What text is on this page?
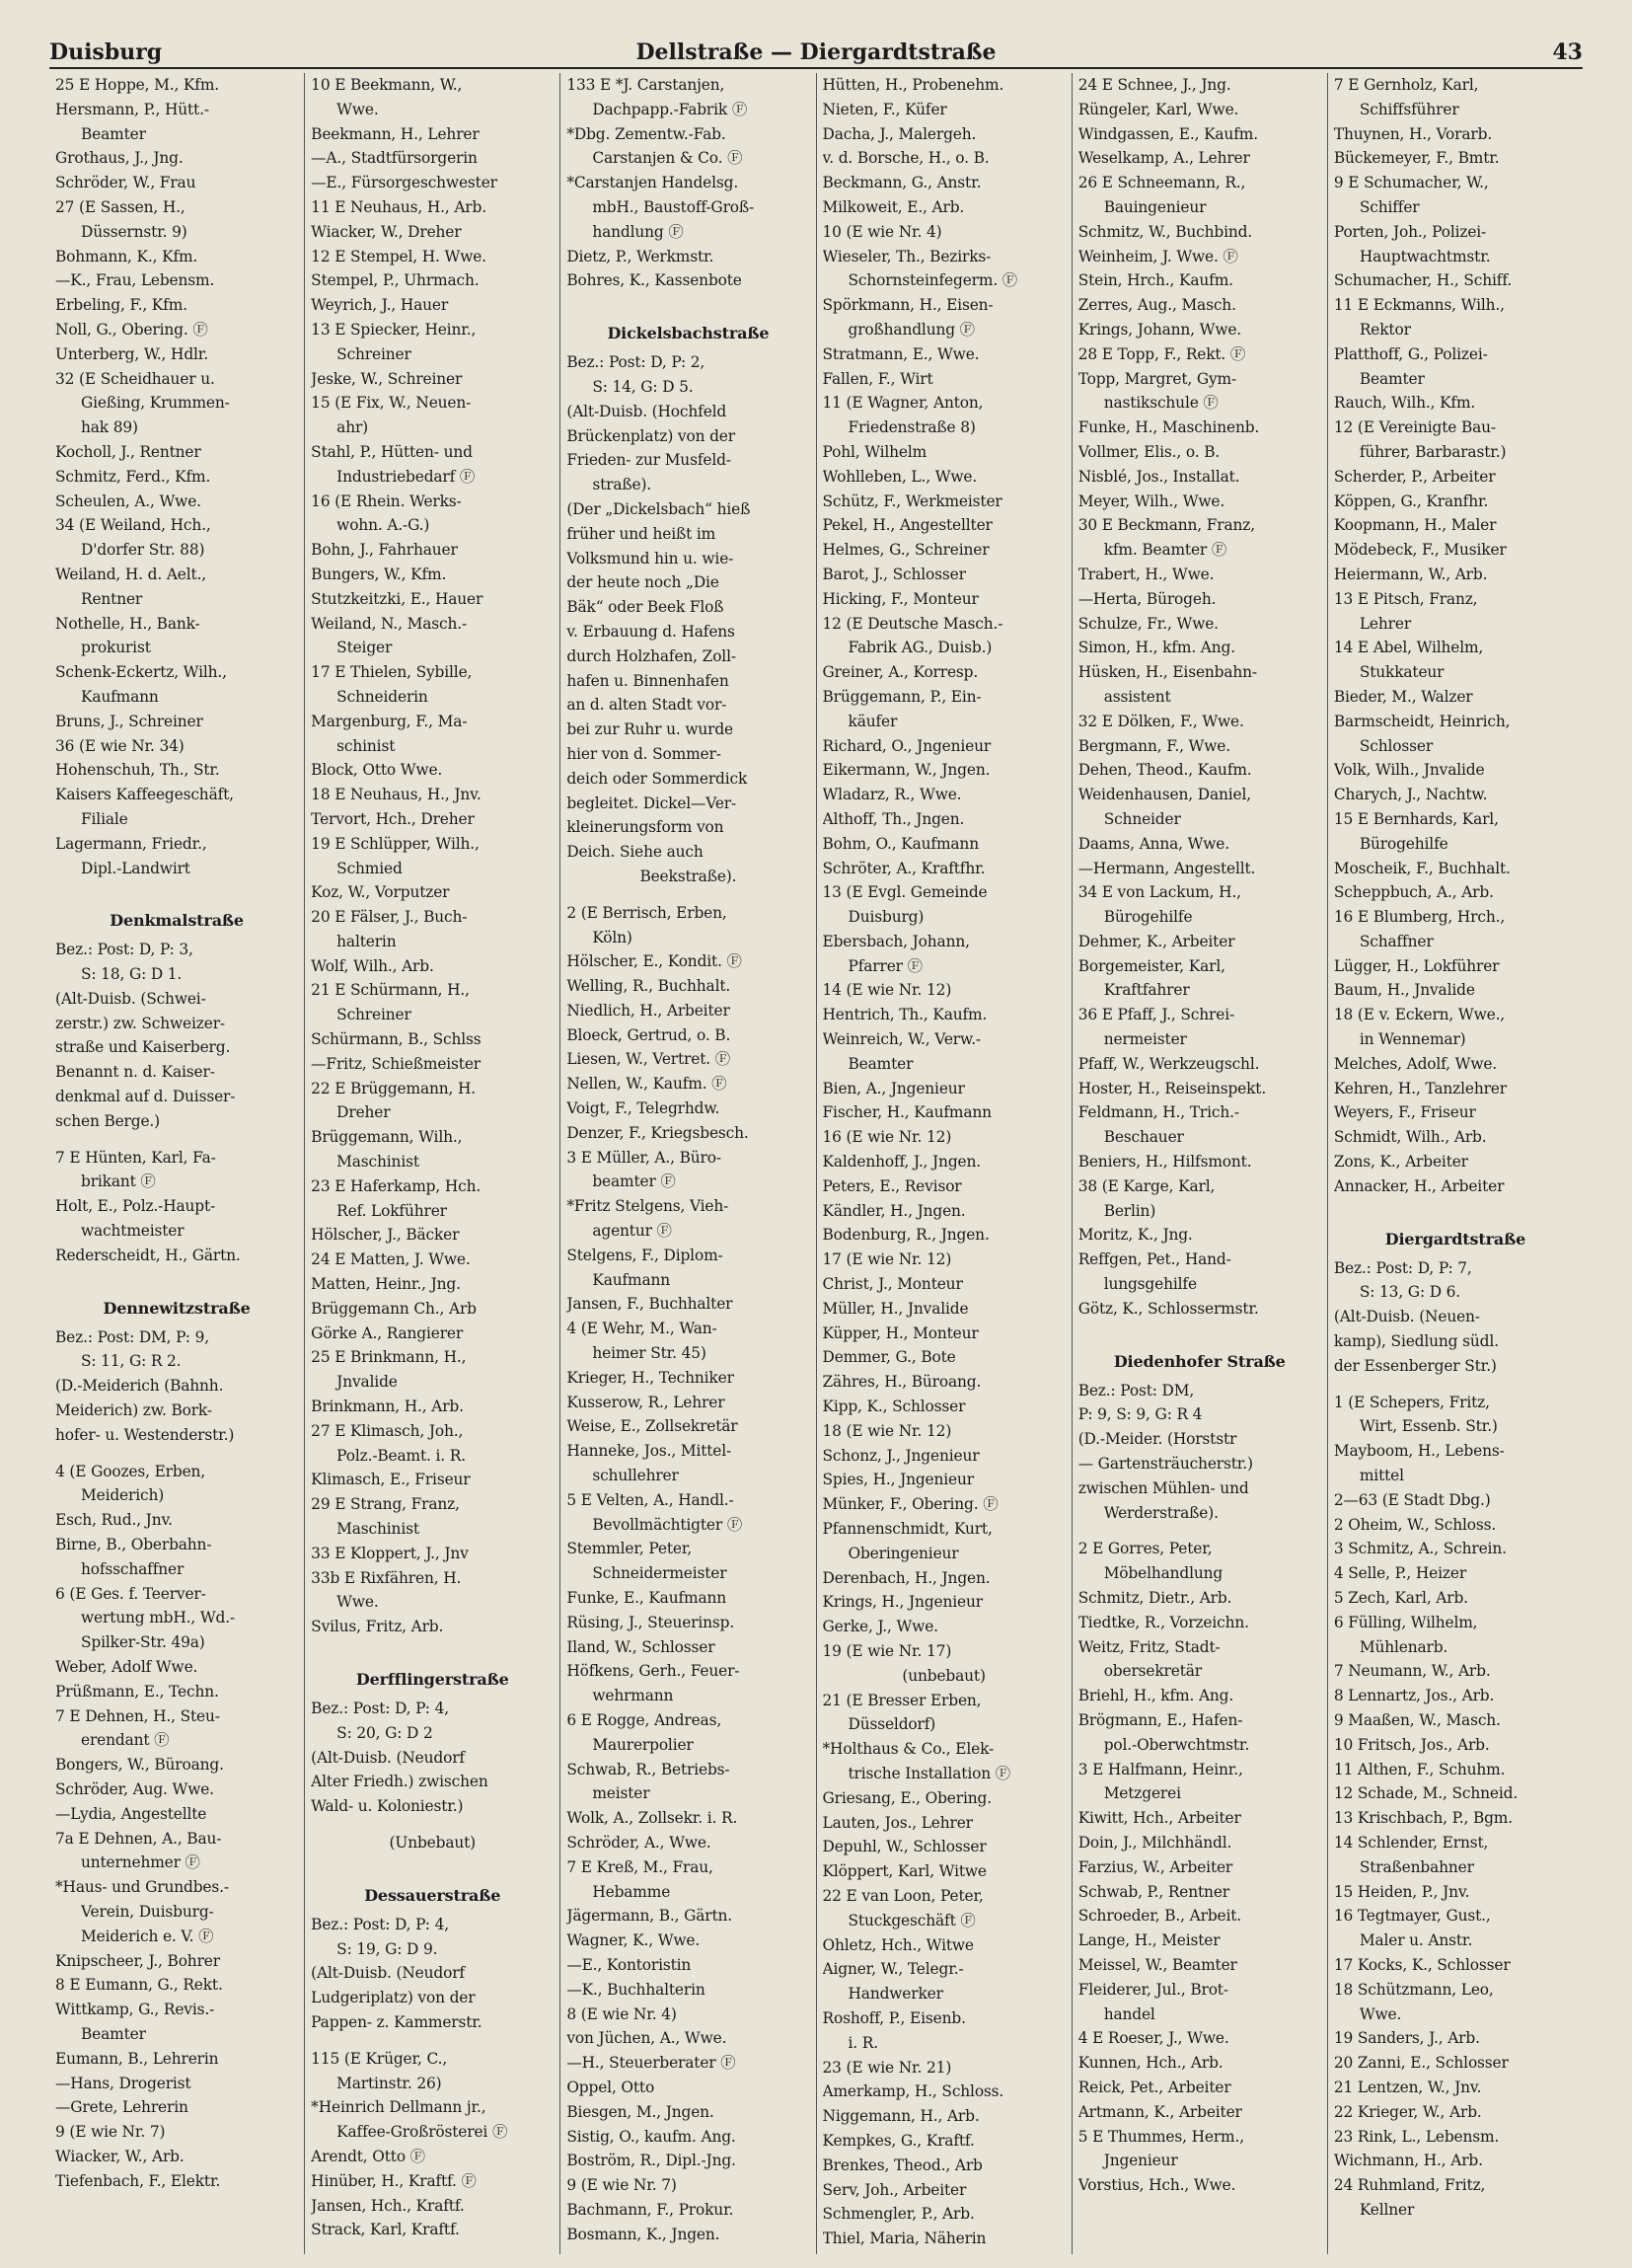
Duisburg	Dellstraße — Diergardtstraße	43
25 E Hoppe, M., Kfm.
Hersmann, P., Hütt.-
Beamter
Grothaus, J., Jng.
Schröder, W., Frau
27 (E Sassen, H.,
Düssernstr. 9)
Bohmann, K., Kfm.
—K., Frau, Lebensm.
Erbeling, F., Kfm.
Noll, G., Obering. Ⓕ
Unterberg, W., Hdlr.
32 (E Scheidhauer u.
Gießing, Krummen-
hak 89)
Kocholl, J., Rentner
Schmitz, Ferd., Kfm.
Scheulen, A., Wwe.
34 (E Weiland, Hch.,
D'dorfer Str. 88)
Weiland, H. d. Aelt.,
Rentner
Nothelle, H., Bank-
prokurist
Schenk-Eckertz, Wilh.,
Kaufmann
Bruns, J., Schreiner
36 (E wie Nr. 34)
Hohenschuh, Th., Str.
Kaisers Kaffeegeschäft,
Filiale
Lagermann, Friedr.,
Dipl.-Landwirt
Denkmalstraße
Bez.: Post: D, P: 3,
S: 18, G: D 1.
(Alt-Duisb. (Schwei-
zerstr.) zw. Schweizer-
straße und Kaiserberg.
Benannt n. d. Kaiser-
denkmal auf d. Duisser-
schen Berge.)
7 E Hünten, Karl, Fa-
brikant Ⓕ
Holt, E., Polz.-Haupt-
wachtmeister
Rederscheidt, H., Gärtn.
Dennewitzstraße
Bez.: Post: DM, P: 9,
S: 11, G: R 2.
(D.-Meiderich (Bahnh.
Meiderich) zw. Bork-
hofer- u. Westenderstr.)
4 (E Goozes, Erben,
Meiderich)
Esch, Rud., Jnv.
Birne, B., Oberbahn-
hofsschaffner
6 (E Ges. f. Teerver-
wertung mbH., Wd.-
Spilker-Str. 49a)
Weber, Adolf Wwe.
Prüßmann, E., Techn.
7 E Dehnen, H., Steu-
erendant Ⓕ
Bongers, W., Büroang.
Schröder, Aug. Wwe.
—Lydia, Angestellte
7a E Dehnen, A., Bau-
unternehmer Ⓕ
*Haus- und Grundbes.-
Verein, Duisburg-
Meiderich e. V. Ⓕ
Knipscheer, J., Bohrer
8 E Eumann, G., Rekt.
Wittkamp, G., Revis.-
Beamter
Eumann, B., Lehrerin
—Hans, Drogerist
—Grete, Lehrerin
9 (E wie Nr. 7)
Wiacker, W., Arb.
Tiefenbach, F., Elektr.
10 E Beekmann, W.,
Wwe.
Beekmann, H., Lehrer
—A., Stadtfürsorgerin
—E., Fürsorgeschwester
11 E Neuhaus, H., Arb.
Wiacker, W., Dreher
12 E Stempel, H. Wwe.
Stempel, P., Uhrmach.
Weyrich, J., Hauer
13 E Spiecker, Heinr.,
Schreiner
Jeske, W., Schreiner
15 (E Fix, W., Neuen-
ahr)
Stahl, P., Hütten- und
Industriebedarf Ⓕ
16 (E Rhein. Werks-
wohn. A.-G.)
Bohn, J., Fahrhauer
Bungers, W., Kfm.
Stutzkeitzki, E., Hauer
Weiland, N., Masch.-
Steiger
17 E Thielen, Sybille,
Schneiderin
Margenburg, F., Ma-
schinist
Block, Otto Wwe.
18 E Neuhaus, H., Jnv.
Tervort, Hch., Dreher
19 E Schlüpper, Wilh.,
Schmied
Koz, W., Vorputzer
20 E Fälser, J., Buch-
halterin
Wolf, Wilh., Arb.
21 E Schürmann, H.,
Schreiner
Schürmann, B., Schlss
—Fritz, Schießmeister
22 E Brüggemann, H.
Dreher
Brüggemann, Wilh.,
Maschinist
23 E Haferkamp, Hch.
Ref. Lokführer
Hölscher, J., Bäcker
24 E Matten, J. Wwe.
Matten, Heinr., Jng.
Brüggemann Ch., Arb
Görke A., Rangierer
25 E Brinkmann, H.,
Jnvalide
Brinkmann, H., Arb.
27 E Klimasch, Joh.,
Polz.-Beamt. i. R.
Klimasch, E., Friseur
29 E Strang, Franz,
Maschinist
33 E Kloppert, J., Jnv
33b E Rixfähren, H.
Wwe.
Svilus, Fritz, Arb.
Derfflingerstraße
Bez.: Post: D, P: 4,
S: 20, G: D 2
(Alt-Duisb. (Neudorf
Alter Friedh.) zwischen
Wald- u. Koloniestr.)
(Unbebaut)
Dessauerstraße
Bez.: Post: D, P: 4,
S: 19, G: D 9.
(Alt-Duisb. (Neudorf
Ludgeriplatz) von der
Pappen- z. Kammerstr.
115 (E Krüger, C.,
Martinstr. 26)
*Heinrich Dellmann jr.,
Kaffee-Großrösterei Ⓕ
Arendt, Otto Ⓕ
Hinüber, H., Kraftf. Ⓕ
Jansen, Hch., Kraftf.
Strack, Karl, Kraftf.
133 E *J. Carstanjen,
Dachpapp.-Fabrik Ⓕ
*Dbg. Zementw.-Fab.
Carstanjen & Co. Ⓕ
*Carstanjen Handelsg.
mbH., Baustoff-Groß-
handlung Ⓕ
Dietz, P., Werkmstr.
Bohres, K., Kassenbote
Dickelsbachstraße
Bez.: Post: D, P: 2,
S: 14, G: D 5.
(Alt-Duisb. (Hochfeld
Brückenplatz) von der
Frieden- zur Musfeld-
straße).
(Der „Dickelsbach“ hieß
früher und heißt im
Volksmund hin u. wie-
der heute noch „Die
Bäk“ oder Beek Floß
v. Erbauung d. Hafens
durch Holzhafen, Zoll-
hafen u. Binnenhafen
an d. alten Stadt vor-
bei zur Ruhr u. wurde
hier von d. Sommer-
deich oder Sommerdick
begleitet. Dickel—Ver-
kleinerungsform von
Deich. Siehe auch
Beekstraße).
2 (E Berrisch, Erben,
Köln)
Hölscher, E., Kondit. Ⓕ
Welling, R., Buchhalt.
Niedlich, H., Arbeiter
Bloeck, Gertrud, o. B.
Liesen, W., Vertret. Ⓕ
Nellen, W., Kaufm. Ⓕ
Voigt, F., Telegrhdw.
Denzer, F., Kriegsbesch.
3 E Müller, A., Büro-
beamter Ⓕ
*Fritz Stelgens, Vieh-
agentur Ⓕ
Stelgens, F., Diplom-
Kaufmann
Jansen, F., Buchhalter
4 (E Wehr, M., Wan-
heimer Str. 45)
Krieger, H., Techniker
Kusserow, R., Lehrer
Weise, E., Zollsekretär
Hanneke, Jos., Mittel-
schullehrer
5 E Velten, A., Handl.-
Bevollmächtigter Ⓕ
Stemmler, Peter,
Schneidermeister
Funke, E., Kaufmann
Rüsing, J., Steuerinsp.
Iland, W., Schlosser
Höfkens, Gerh., Feuer-
wehrmann
6 E Rogge, Andreas,
Maurerpolier
Schwab, R., Betriebs-
meister
Wolk, A., Zollsekr. i. R.
Schröder, A., Wwe.
7 E Kreß, M., Frau,
Hebamme
Jägermann, B., Gärtn.
Wagner, K., Wwe.
—E., Kontoristin
—K., Buchhalterin
8 (E wie Nr. 4)
von Jüchen, A., Wwe.
—H., Steuerberater Ⓕ
Oppel, Otto
Biesgen, M., Jngen.
Sistig, O., kaufm. Ang.
Boström, R., Dipl.-Jng.
9 (E wie Nr. 7)
Bachmann, F., Prokur.
Bosmann, K., Jngen.
Hütten, H., Probenehm.
Nieten, F., Küfer
Dacha, J., Malergeh.
v. d. Borsche, H., o. B.
Beckmann, G., Anstr.
Milkoweit, E., Arb.
10 (E wie Nr. 4)
Wieseler, Th., Bezirks-
Schornsteinfegerm. Ⓕ
Spörkmann, H., Eisen-
großhandlung Ⓕ
Stratmann, E., Wwe.
Fallen, F., Wirt
11 (E Wagner, Anton,
Friedenstraße 8)
Pohl, Wilhelm
Wohlleben, L., Wwe.
Schütz, F., Werkmeister
Pekel, H., Angestellter
Helmes, G., Schreiner
Barot, J., Schlosser
Hicking, F., Monteur
12 (E Deutsche Masch.-
Fabrik AG., Duisb.)
Greiner, A., Korresp.
Brüggemann, P., Ein-
käufer
Richard, O., Jngenieur
Eikermann, W., Jngen.
Wladarz, R., Wwe.
Althoff, Th., Jngen.
Bohm, O., Kaufmann
Schröter, A., Kraftfhr.
13 (E Evgl. Gemeinde
Duisburg)
Ebersbach, Johann,
Pfarrer Ⓕ
14 (E wie Nr. 12)
Hentrich, Th., Kaufm.
Weinreich, W., Verw.-
Beamter
Bien, A., Jngenieur
Fischer, H., Kaufmann
16 (E wie Nr. 12)
Kaldenhoff, J., Jngen.
Peters, E., Revisor
Kändler, H., Jngen.
Bodenburg, R., Jngen.
17 (E wie Nr. 12)
Christ, J., Monteur
Müller, H., Jnvalide
Küpper, H., Monteur
Demmer, G., Bote
Zähres, H., Büroang.
Kipp, K., Schlosser
18 (E wie Nr. 12)
Schonz, J., Jngenieur
Spies, H., Jngenieur
Münker, F., Obering. Ⓕ
Pfannenschmidt, Kurt,
Oberingenieur
Derenbach, H., Jngen.
Krings, H., Jngenieur
Gerke, J., Wwe.
19 (E wie Nr. 17)
(unbebaut)
21 (E Bresser Erben,
Düsseldorf)
*Holthaus & Co., Elek-
trische Installation Ⓕ
Griesang, E., Obering.
Lauten, Jos., Lehrer
Depuhl, W., Schlosser
Klöppert, Karl, Witwe
22 E van Loon, Peter,
Stuckgeschäft Ⓕ
Ohletz, Hch., Witwe
Aigner, W., Telegr.-
Handwerker
Roshoff, P., Eisenb.
i. R.
23 (E wie Nr. 21)
Amerkamp, H., Schloss.
Niggemann, H., Arb.
Kempkes, G., Kraftf.
Brenkes, Theod., Arb
Serv, Joh., Arbeiter
Schmengler, P., Arb.
Thiel, Maria, Näherin
24 E Schnee, J., Jng.
Rüngeler, Karl, Wwe.
Windgassen, E., Kaufm.
Weselkamp, A., Lehrer
26 E Schneemann, R.,
Bauingenieur
Schmitz, W., Buchbind.
Weinheim, J. Wwe. Ⓕ
Stein, Hrch., Kaufm.
Zerres, Aug., Masch.
Krings, Johann, Wwe.
28 E Topp, F., Rekt. Ⓕ
Topp, Margret, Gym-
nastikschule Ⓕ
Funke, H., Maschinenb.
Vollmer, Elis., o. B.
Nisblé, Jos., Installat.
Meyer, Wilh., Wwe.
30 E Beckmann, Franz,
kfm. Beamter Ⓕ
Trabert, H., Wwe.
—Herta, Bürogeh.
Schulze, Fr., Wwe.
Simon, H., kfm. Ang.
Hüsken, H., Eisenbahn-
assistent
32 E Dölken, F., Wwe.
Bergmann, F., Wwe.
Dehen, Theod., Kaufm.
Weidenhausen, Daniel,
Schneider
Daams, Anna, Wwe.
—Hermann, Angestellt.
34 E von Lackum, H.,
Bürogehilfe
Dehmer, K., Arbeiter
Borgemeister, Karl,
Kraftfahrer
36 E Pfaff, J., Schrei-
nermeister
Pfaff, W., Werkzeugschl.
Hoster, H., Reiseinspekt.
Feldmann, H., Trich.-
Beschauer
Beniers, H., Hilfsmont.
38 (E Karge, Karl,
Berlin)
Moritz, K., Jng.
Reffgen, Pet., Hand-
lungsgehilfe
Götz, K., Schlossermstr.
Diedenhofer Straße
Bez.: Post: DM,
P: 9, S: 9, G: R 4
(D.-Meider. (Horststr
— Gartensträucherstr.)
zwischen Mühlen- und
Werderstraße).
2 E Gorres, Peter,
Möbelhandlung
Schmitz, Dietr., Arb.
Tiedtke, R., Vorzeichn.
Weitz, Fritz, Stadt-
obersekretär
Briehl, H., kfm. Ang.
Brögmann, E., Hafen-
pol.-Oberwchtmstr.
3 E Halfmann, Heinr.,
Metzgerei
Kiwitt, Hch., Arbeiter
Doin, J., Milchhändl.
Farzius, W., Arbeiter
Schwab, P., Rentner
Schroeder, B., Arbeit.
Lange, H., Meister
Meissel, W., Beamter
Fleiderer, Jul., Brot-
handel
4 E Roeser, J., Wwe.
Kunnen, Hch., Arb.
Reick, Pet., Arbeiter
Artmann, K., Arbeiter
5 E Thummes, Herm.,
Jngenieur
Vorstius, Hch., Wwe.
7 E Gernholz, Karl,
Schiffsführer
Thuynen, H., Vorarb.
Bückemeyer, F., Bmtr.
9 E Schumacher, W.,
Schiffer
Porten, Joh., Polizei-
Hauptwachtmstr.
Schumacher, H., Schiff.
11 E Eckmanns, Wilh.,
Rektor
Platthoff, G., Polizei-
Beamter
Rauch, Wilh., Kfm.
12 (E Vereinigte Bau-
führer, Barbarastr.)
Scherder, P., Arbeiter
Köppen, G., Kranfhr.
Koopmann, H., Maler
Mödebeck, F., Musiker
Heiermann, W., Arb.
13 E Pitsch, Franz,
Lehrer
14 E Abel, Wilhelm,
Stukkateur
Bieder, M., Walzer
Barmscheidt, Heinrich,
Schlosser
Volk, Wilh., Jnvalide
Charych, J., Nachtw.
15 E Bernhards, Karl,
Bürogehilfe
Moscheik, F., Buchhalt.
Scheppbuch, A., Arb.
16 E Blumberg, Hrch.,
Schaffner
Lügger, H., Lokführer
Baum, H., Jnvalide
18 (E v. Eckern, Wwe.,
in Wennemar)
Melches, Adolf, Wwe.
Kehren, H., Tanzlehrer
Weyers, F., Friseur
Schmidt, Wilh., Arb.
Zons, K., Arbeiter
Annacker, H., Arbeiter
Diergardtstraße
Bez.: Post: D, P: 7,
S: 13, G: D 6.
(Alt-Duisb. (Neuen-
kamp), Siedlung südl.
der Essenberger Str.)
1 (E Schepers, Fritz,
Wirt, Essenb. Str.)
Mayboom, H., Lebens-
mittel
2—63 (E Stadt Dbg.)
2 Oheim, W., Schloss.
3 Schmitz, A., Schrein.
4 Selle, P., Heizer
5 Zech, Karl, Arb.
6 Fülling, Wilhelm,
Mühlenarb.
7 Neumann, W., Arb.
8 Lennartz, Jos., Arb.
9 Maaßen, W., Masch.
10 Fritsch, Jos., Arb.
11 Althen, F., Schuhm.
12 Schade, M., Schneid.
13 Krischbach, P., Bgm.
14 Schlender, Ernst,
Straßenbahner
15 Heiden, P., Jnv.
16 Tegtmayer, Gust.,
Maler u. Anstr.
17 Kocks, K., Schlosser
18 Schützmann, Leo,
Wwe.
19 Sanders, J., Arb.
20 Zanni, E., Schlosser
21 Lentzen, W., Jnv.
22 Krieger, W., Arb.
23 Rink, L., Lebensm.
Wichmann, H., Arb.
24 Ruhmland, Fritz,
Kellner
